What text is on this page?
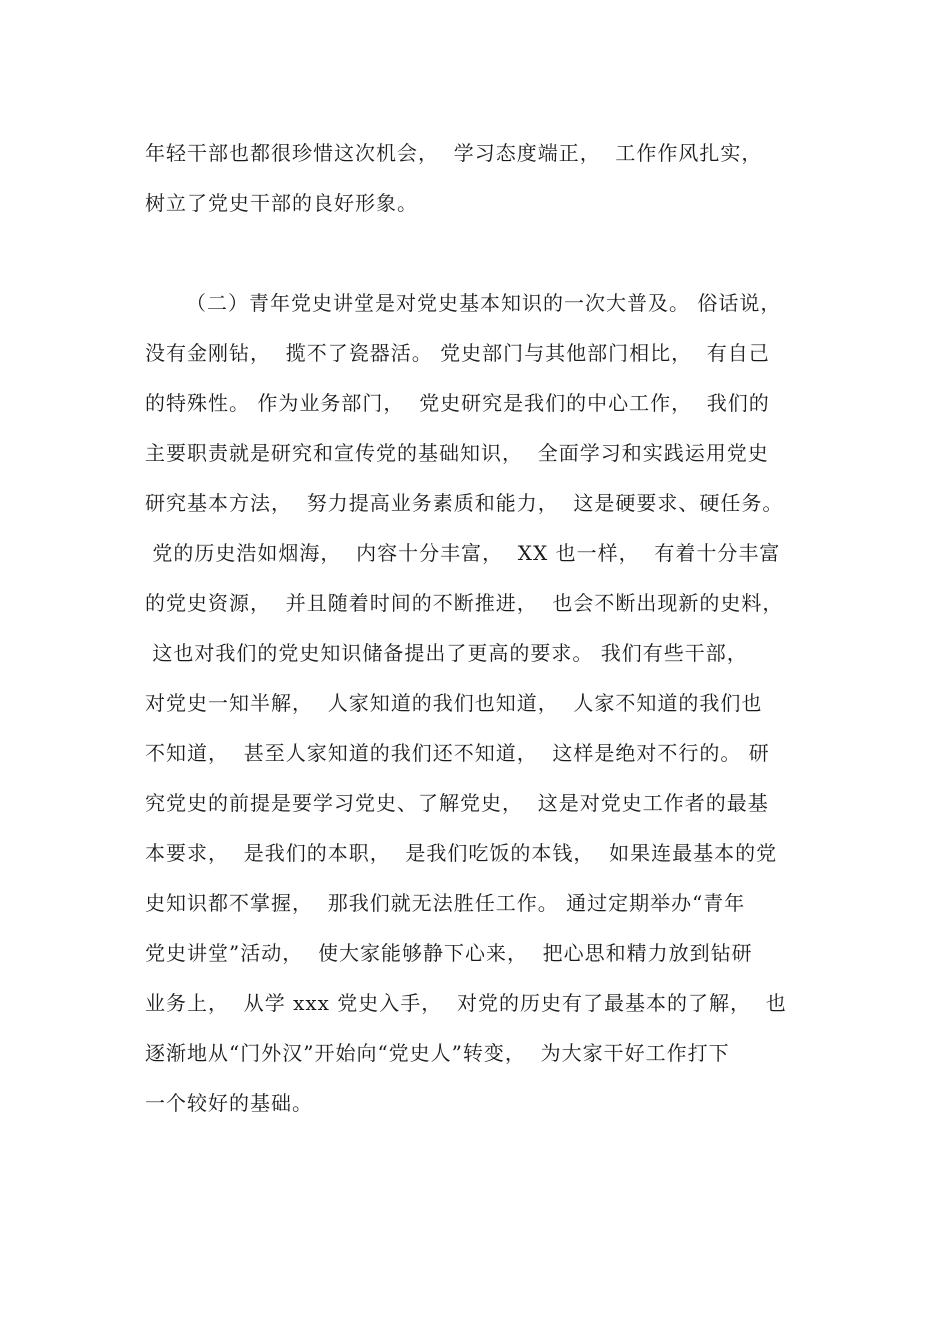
年轻干部也都很珍惜这次机会，  学习态度端正，  工作作风扎实，
树立了党史干部的良好形象。
（二）青年党史讲堂是对党史基本知识的一次大普及。 俗话说，
没有金刚钻，  揽不了瓷器活。 党史部门与其他部门相比，  有自己
的特殊性。 作为业务部门，  党史研究是我们的中心工作，  我们的
主要职责就是研究和宣传党的基础知识，  全面学习和实践运用党史
研究基本方法，  努力提高业务素质和能力，  这是硬要求、硬任务。
党的历史浩如烟海，  内容十分丰富，  XX 也一样，  有着十分丰富
的党史资源，  并且随着时间的不断推进，  也会不断出现新的史料，
这也对我们的党史知识储备提出了更高的要求。 我们有些干部，
对党史一知半解，  人家知道的我们也知道，  人家不知道的我们也
不知道，  甚至人家知道的我们还不知道，  这样是绝对不行的。 研
究党史的前提是要学习党史、了解党史，  这是对党史工作者的最基
本要求，  是我们的本职，  是我们吃饭的本钱，  如果连最基本的党
史知识都不掌握，  那我们就无法胜任工作。 通过定期举办“青年
党史讲堂”活动，  使大家能够静下心来，  把心思和精力放到钻研
业务上，  从学 xxx 党史入手，  对党的历史有了最基本的了解，  也
逐渐地从“门外汉”开始向“党史人”转变，  为大家干好工作打下
一个较好的基础。
